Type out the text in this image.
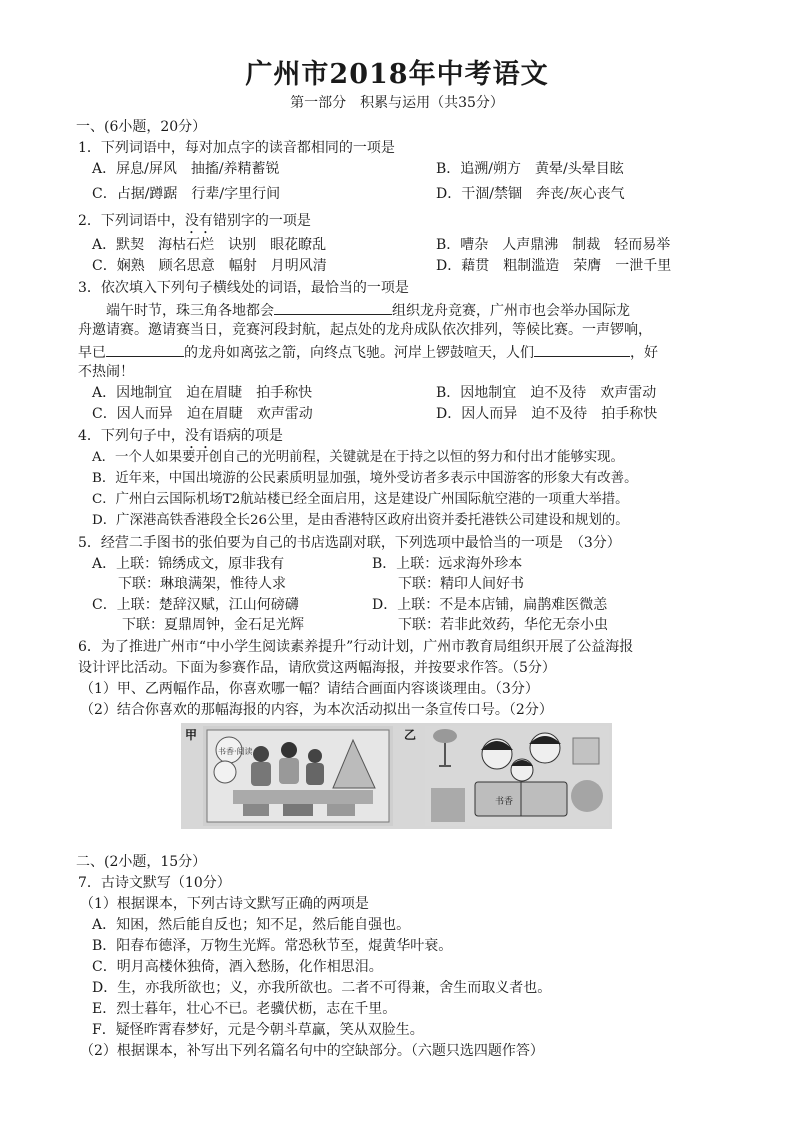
广州市2018年中考语文
第一部分　积累与运用（共35分）
一、(6小题，20分）
1．下列词语中，每对加点字的读音都相同的一项是
A．屏息/屏风　抽搐/养精蓄锐	B．追溯/朔方　黄晕/头晕目眩
C．占据/蹲踞　行辈/字里行间	D．干涸/禁锢　奔丧/灰心丧气
2．下列词语中，没有错别字的一项是
A．默契　海枯石烂　诀别　眼花瞭乱	B．嘈杂　人声鼎沸　制裁　轻而易举
C．娴熟　顾名思意　幅射　月明风清	D．藉贯　粗制滥造　荣膺　一泄千里
3．依次填入下列句子横线处的词语，最恰当的一项是
端午时节，珠三角各地都会	组织龙舟竞赛，广州市也会举办国际龙
舟邀请赛。邀请赛当日，竞赛河段封航，起点处的龙舟成队依次排列，等候比赛。一声锣响，
早已	的龙舟如离弦之箭，向终点飞驰。河岸上锣鼓喧天，人们	，好
不热闹！
A．因地制宜　迫在眉睫　拍手称快	B．因地制宜　迫不及待　欢声雷动
C．因人而异　迫在眉睫　欢声雷动	D．因人而异　迫不及待　拍手称快
4．下列句子中，没有语病的项是
A．一个人如果要开创自己的光明前程，关键就是在于持之以恒的努力和付出才能够实现。
B．近年来，中国出境游的公民素质明显加强，境外受访者多表示中国游客的形象大有改善。
C．广州白云国际机场T2航站楼已经全面启用，这是建设广州国际航空港的一项重大举措。
D．广深港高铁香港段全长26公里，是由香港特区政府出资并委托港铁公司建设和规划的。
5．经营二手图书的张伯要为自己的书店选副对联，下列选项中最恰当的一项是　（3分）
A．上联：锦绣成文，原非我有
下联：琳琅满架，惟待人求
B．上联：远求海外珍本
下联：精印人间好书
C．上联：楚辞汉赋，江山何磅礴
下联：夏鼎周钟，金石足光辉
D．上联：不是本店铺，扁鹊难医微恙
下联：若非此效药，华佗无奈小虫
6．为了推进广州市“中小学生阅读素养提升”行动计划，广州市教育局组织开展了公益海报
设计评比活动。下面为参赛作品，请欣赏这两幅海报，并按要求作答。（5分）
（1）甲、乙两幅作品，你喜欢哪一幅？请结合画面内容谈谈理由。（3分）
（2）结合你喜欢的那幅海报的内容，为本次活动拟出一条宣传口号。（2分）
甲	乙
书香·阅读
书香
二、(2小题，15分）
7．古诗文默写（10分）
（1）根据课本，下列古诗文默写正确的两项是
A．知困，然后能自反也；知不足，然后能自强也。
B．阳春布德泽，万物生光辉。常恐秋节至，焜黄华叶衰。
C．明月高楼休独倚，酒入愁肠，化作相思泪。
D．生，亦我所欲也；义，亦我所欲也。二者不可得兼，舍生而取义者也。
E．烈士暮年，壮心不已。老骥伏枥，志在千里。
F．疑怪昨霄春梦好，元是今朝斗草赢，笑从双脸生。
（2）根据课本，补写出下列名篇名句中的空缺部分。（六题只选四题作答）
